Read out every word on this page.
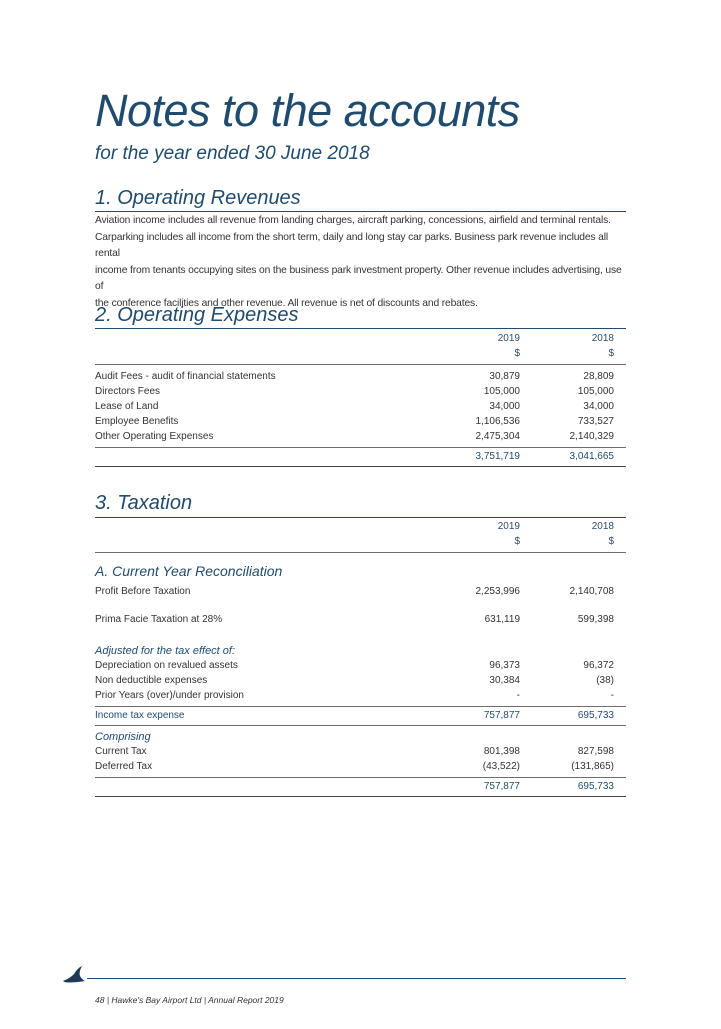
Notes to the accounts
for the year ended 30 June 2018
1. Operating Revenues
Aviation income includes all revenue from landing charges, aircraft parking, concessions, airfield and terminal rentals.
Carparking includes all income from the short term, daily and long stay car parks. Business park revenue includes all rental
income from tenants occupying sites on the business park investment property. Other revenue includes advertising, use of
the conference facilities and other revenue. All revenue is net of discounts and rebates.
2. Operating Expenses
2019	2018
$	$
Audit Fees - audit of financial statements	30,879	28,809
Directors Fees	105,000	105,000
Lease of Land	34,000	34,000
Employee Benefits	1,106,536	733,527
Other Operating Expenses	2,475,304	2,140,329
3,751,719	3,041,665
3. Taxation
2019	2018
$	$
A. Current Year Reconciliation
Profit Before Taxation	2,253,996	2,140,708
Prima Facie Taxation at 28%	631,119	599,398
Adjusted for the tax effect of:
Depreciation on revalued assets	96,373	96,372
Non deductible expenses	30,384	(38)
Prior Years (over)/under provision	-	-
Income tax expense	757,877	695,733
Comprising
Current Tax	801,398	827,598
Deferred Tax	(43,522)	(131,865)
757,877	695,733
48 | Hawke's Bay Airport Ltd | Annual Report 2019
